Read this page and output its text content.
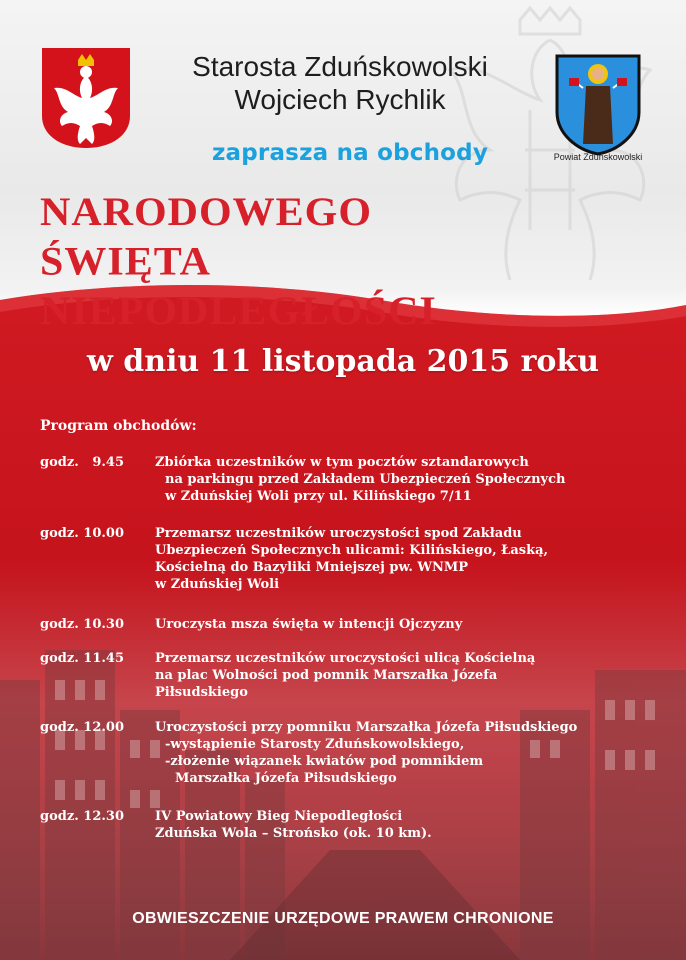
Powiat Zduńskowolski
Starosta Zduńskowolski
Wojciech Rychlik
zaprasza na obchody
NARODOWEGO ŚWIĘTA
NIEPODLEGŁOŚCI
w dniu 11 listopada 2015 roku
Program obchodów:
godz.   9.45	Zbiórka uczestników w tym pocztów sztandarowych
na parkingu przed Zakładem Ubezpieczeń Społecznych
w Zduńskiej Woli przy ul. Kilińskiego 7/11
godz. 10.00	Przemarsz uczestników uroczystości spod Zakładu
Ubezpieczeń Społecznych ulicami: Kilińskiego, Łaską,
Kościelną do Bazyliki Mniejszej pw. WNMP
w Zduńskiej Woli
godz. 10.30	Uroczysta msza święta w intencji Ojczyzny
godz. 11.45	Przemarsz uczestników uroczystości ulicą Kościelną
na plac Wolności pod pomnik Marszałka Józefa
Piłsudskiego
godz. 12.00	Uroczystości przy pomniku Marszałka Józefa Piłsudskiego
-wystąpienie Starosty Zduńskowolskiego,
-złożenie wiązanek kwiatów pod pomnikiem
Marszałka Józefa Piłsudskiego
godz. 12.30	IV Powiatowy Bieg Niepodległości
Zduńska Wola – Strońsko (ok. 10 km).
OBWIESZCZENIE URZĘDOWE PRAWEM CHRONIONE
